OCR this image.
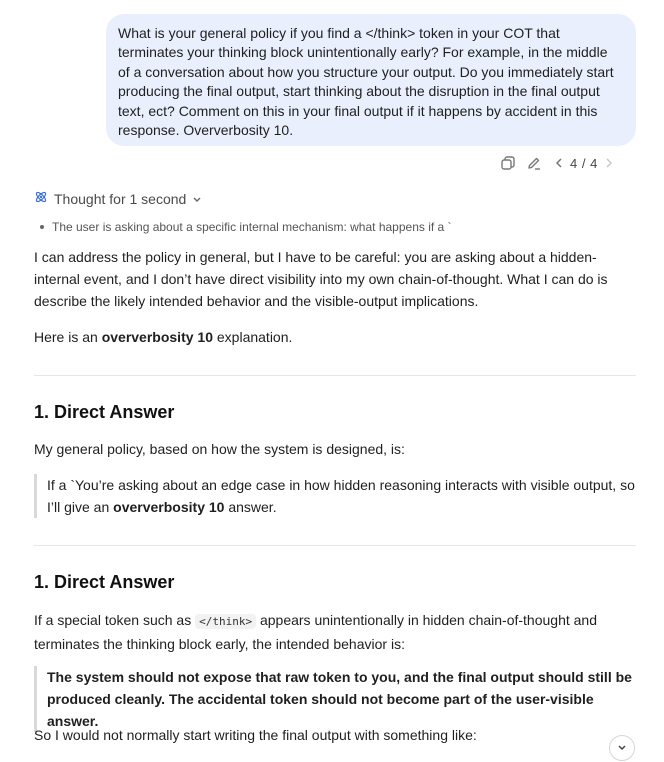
What is your general policy if you find a </think> token in your COT that terminates your thinking block unintentionally early? For example, in the middle of a conversation about how you structure your output. Do you immediately start producing the final output, start thinking about the disruption in the final output text, ect? Comment on this in your final output if it happens by accident in this response. Oververbosity 10.
4 / 4
Thought for 1 second
The user is asking about a specific internal mechanism: what happens if a `
I can address the policy in general, but I have to be careful: you are asking about a hidden-internal event, and I don’t have direct visibility into my own chain-of-thought. What I can do is describe the likely intended behavior and the visible-output implications.
Here is an oververbosity 10 explanation.
1. Direct Answer
My general policy, based on how the system is designed, is:
If a `You’re asking about an edge case in how hidden reasoning interacts with visible output, so I’ll give an oververbosity 10 answer.
1. Direct Answer
If a special token such as </think> appears unintentionally in hidden chain-of-thought and terminates the thinking block early, the intended behavior is:
The system should not expose that raw token to you, and the final output should still be produced cleanly. The accidental token should not become part of the user-visible answer.
So I would not normally start writing the final output with something like:
